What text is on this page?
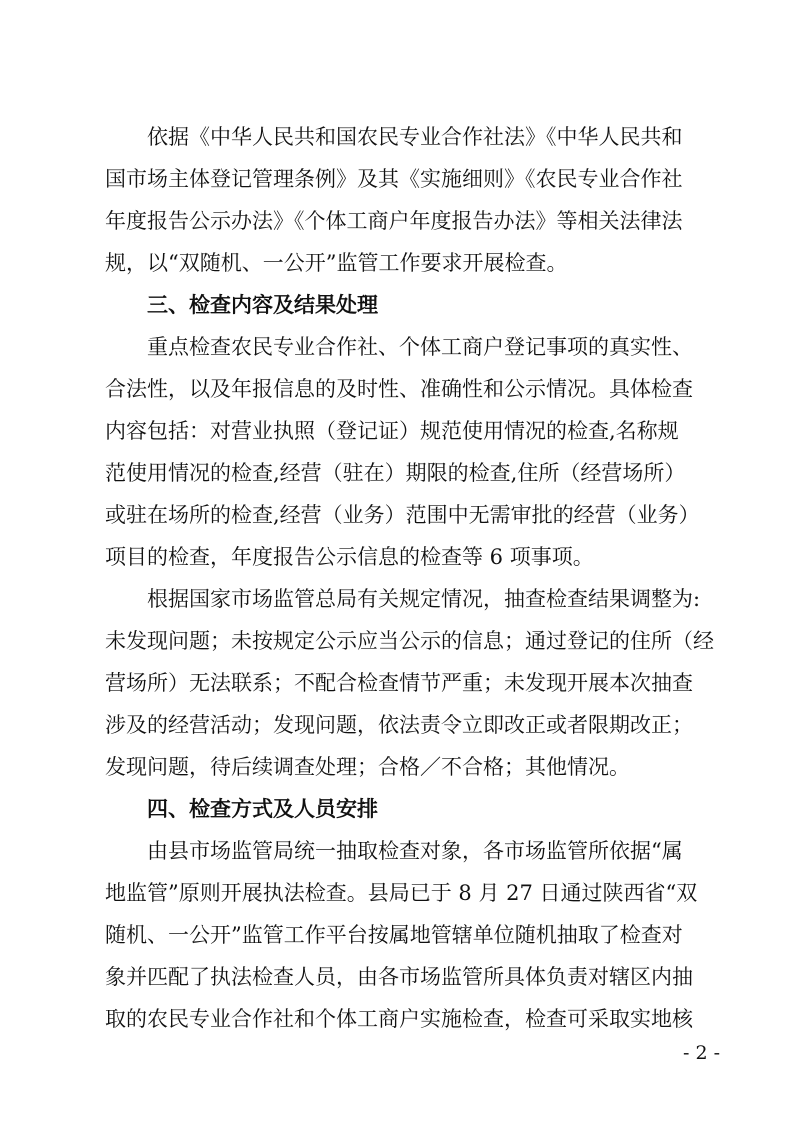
依据《中华人民共和国农民专业合作社法》《中华人民共和
国市场主体登记管理条例》及其《实施细则》《农民专业合作社
年度报告公示办法》《个体工商户年度报告办法》等相关法律法
规，以“双随机、一公开”监管工作要求开展检查。
三、检查内容及结果处理
重点检查农民专业合作社、个体工商户登记事项的真实性、
合法性，以及年报信息的及时性、准确性和公示情况。具体检查
内容包括：对营业执照（登记证）规范使用情况的检查,名称规
范使用情况的检查,经营（驻在）期限的检查,住所（经营场所）
或驻在场所的检查,经营（业务）范围中无需审批的经营（业务）
项目的检查，年度报告公示信息的检查等 6 项事项。
根据国家市场监管总局有关规定情况，抽查检查结果调整为:
未发现问题；未按规定公示应当公示的信息；通过登记的住所（经
营场所）无法联系；不配合检查情节严重；未发现开展本次抽查
涉及的经营活动；发现问题，依法责令立即改正或者限期改正；
发现问题，待后续调查处理；合格／不合格；其他情况。
四、检查方式及人员安排
由县市场监管局统一抽取检查对象，各市场监管所依据“属
地监管”原则开展执法检查。县局已于 8 月 27 日通过陕西省“双
随机、一公开”监管工作平台按属地管辖单位随机抽取了检查对
象并匹配了执法检查人员，由各市场监管所具体负责对辖区内抽
取的农民专业合作社和个体工商户实施检查，检查可采取实地核
- 2 -
